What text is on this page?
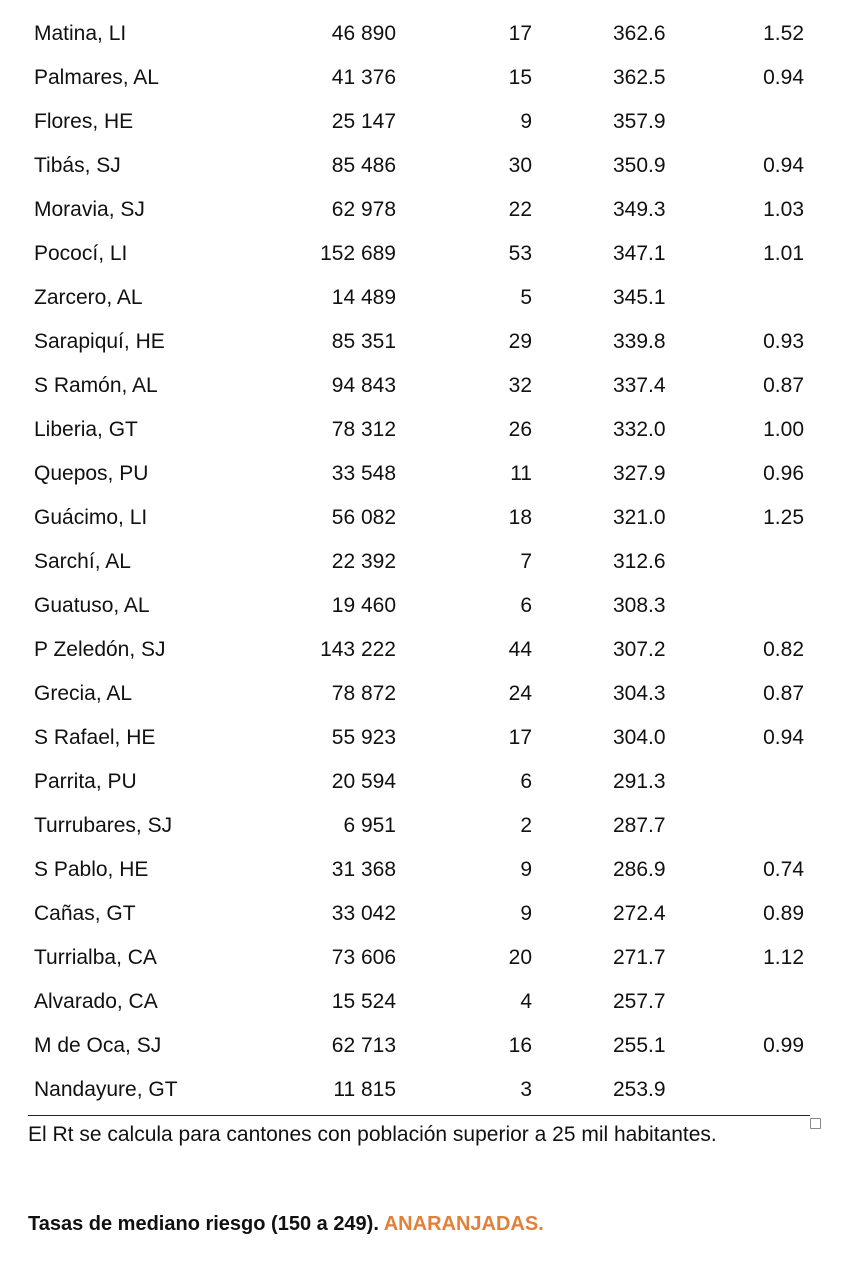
Matina, LI	46 890	17	362.6	1.52
Palmares, AL	41 376	15	362.5	0.94
Flores, HE	25 147	9	357.9
Tibás, SJ	85 486	30	350.9	0.94
Moravia, SJ	62 978	22	349.3	1.03
Pococí, LI	152 689	53	347.1	1.01
Zarcero, AL	14 489	5	345.1
Sarapiquí, HE	85 351	29	339.8	0.93
S Ramón, AL	94 843	32	337.4	0.87
Liberia, GT	78 312	26	332.0	1.00
Quepos, PU	33 548	11	327.9	0.96
Guácimo, LI	56 082	18	321.0	1.25
Sarchí, AL	22 392	7	312.6
Guatuso, AL	19 460	6	308.3
P Zeledón, SJ	143 222	44	307.2	0.82
Grecia, AL	78 872	24	304.3	0.87
S Rafael, HE	55 923	17	304.0	0.94
Parrita, PU	20 594	6	291.3
Turrubares, SJ	6 951	2	287.7
S Pablo, HE	31 368	9	286.9	0.74
Cañas, GT	33 042	9	272.4	0.89
Turrialba, CA	73 606	20	271.7	1.12
Alvarado, CA	15 524	4	257.7
M de Oca, SJ	62 713	16	255.1	0.99
Nandayure, GT	11 815	3	253.9
El Rt se calcula para cantones con población superior a 25 mil habitantes.
Tasas de mediano riesgo (150 a 249). ANARANJADAS.
